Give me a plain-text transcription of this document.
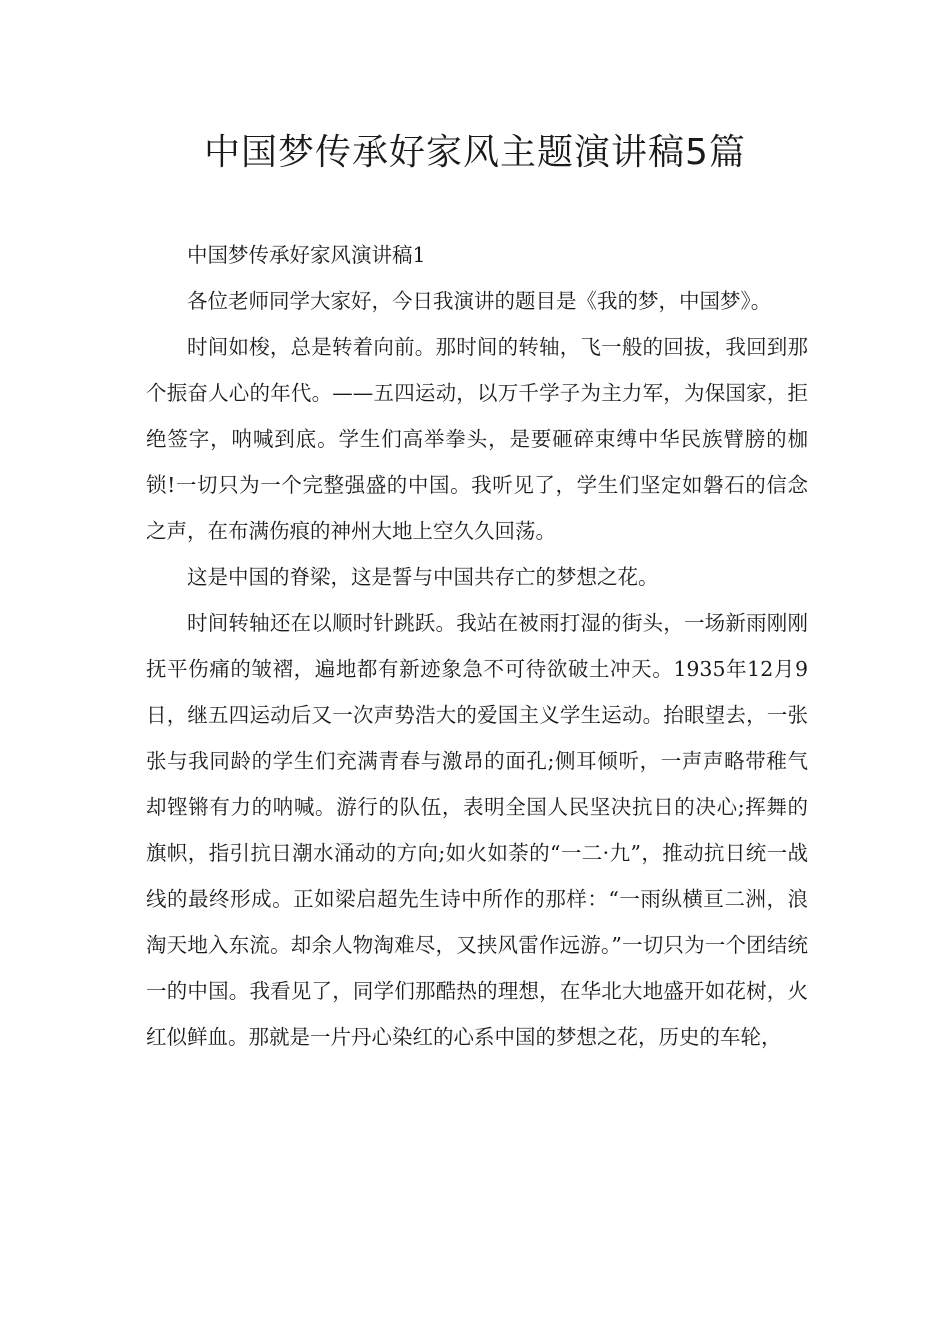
中国梦传承好家风主题演讲稿5篇

中国梦传承好家风演讲稿1

各位老师同学大家好，今日我演讲的题目是《我的梦，中国梦》。

时间如梭，总是转着向前。那时间的转轴，飞一般的回拔，我回到那个振奋人心的年代。——五四运动，以万千学子为主力军，为保国家，拒绝签字，呐喊到底。学生们高举拳头，是要砸碎束缚中华民族臂膀的枷锁!一切只为一个完整强盛的中国。我听见了，学生们坚定如磐石的信念之声，在布满伤痕的神州大地上空久久回荡。

这是中国的脊梁，这是誓与中国共存亡的梦想之花。

时间转轴还在以顺时针跳跃。我站在被雨打湿的街头，一场新雨刚刚抚平伤痛的皱褶，遍地都有新迹象急不可待欲破土冲天。1935年12月9日，继五四运动后又一次声势浩大的爱国主义学生运动。抬眼望去，一张张与我同龄的学生们充满青春与激昂的面孔;侧耳倾听，一声声略带稚气却铿锵有力的呐喊。游行的队伍，表明全国人民坚决抗日的决心;挥舞的旗帜，指引抗日潮水涌动的方向;如火如荼的“一二·九”，推动抗日统一战线的最终形成。正如梁启超先生诗中所作的那样：“一雨纵横亘二洲，浪淘天地入东流。却余人物淘难尽，又挟风雷作远游。”一切只为一个团结统一的中国。我看见了，同学们那酷热的理想，在华北大地盛开如花树，火红似鲜血。那就是一片丹心染红的心系中国的梦想之花，历史的车轮，
